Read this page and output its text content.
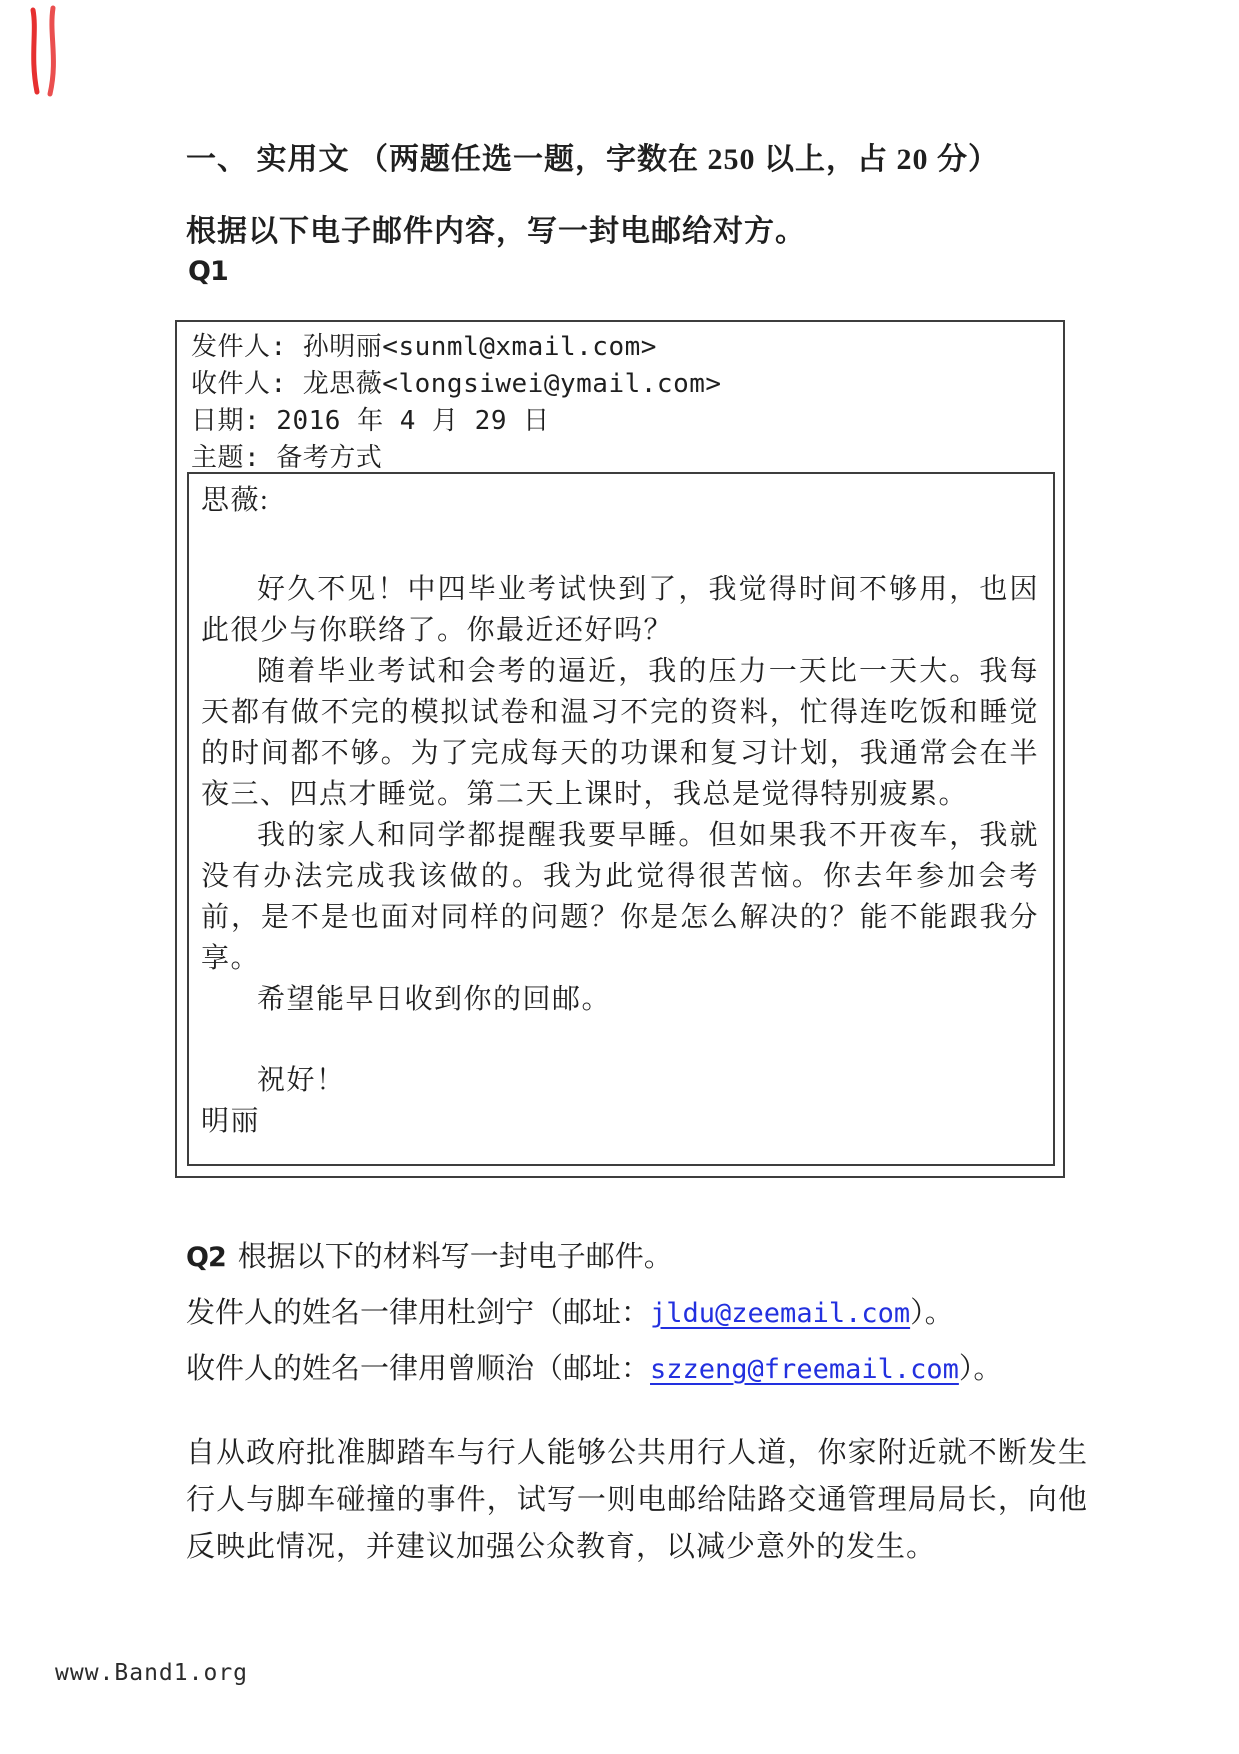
一、 实用文 （两题任选一题，字数在 250 以上，占 20 分）
根据以下电子邮件内容，写一封电邮给对方。
Q1
发件人: 孙明丽<sunml@xmail.com>
收件人: 龙思薇<longsiwei@ymail.com>
日期: 2016 年 4 月 29 日
主题: 备考方式
思薇:

好久不见！中四毕业考试快到了，我觉得时间不够用，也因此很少与你联络了。你最近还好吗？

随着毕业考试和会考的逼近，我的压力一天比一天大。我每天都有做不完的模拟试卷和温习不完的资料，忙得连吃饭和睡觉的时间都不够。为了完成每天的功课和复习计划，我通常会在半夜三、四点才睡觉。第二天上课时，我总是觉得特别疲累。

我的家人和同学都提醒我要早睡。但如果我不开夜车，我就没有办法完成我该做的。我为此觉得很苦恼。你去年参加会考前，是不是也面对同样的问题？你是怎么解决的？能不能跟我分享。

希望能早日收到你的回邮。

祝好！
明丽
Q2 根据以下的材料写一封电子邮件。
发件人的姓名一律用杜剑宁（邮址：jldu@zeemail.com）。
收件人的姓名一律用曾顺治（邮址：szzeng@freemail.com）。

自从政府批准脚踏车与行人能够公共用行人道，你家附近就不断发生行人与脚车碰撞的事件，试写一则电邮给陆路交通管理局局长，向他反映此情况，并建议加强公众教育，以减少意外的发生。

www.Band1.org
